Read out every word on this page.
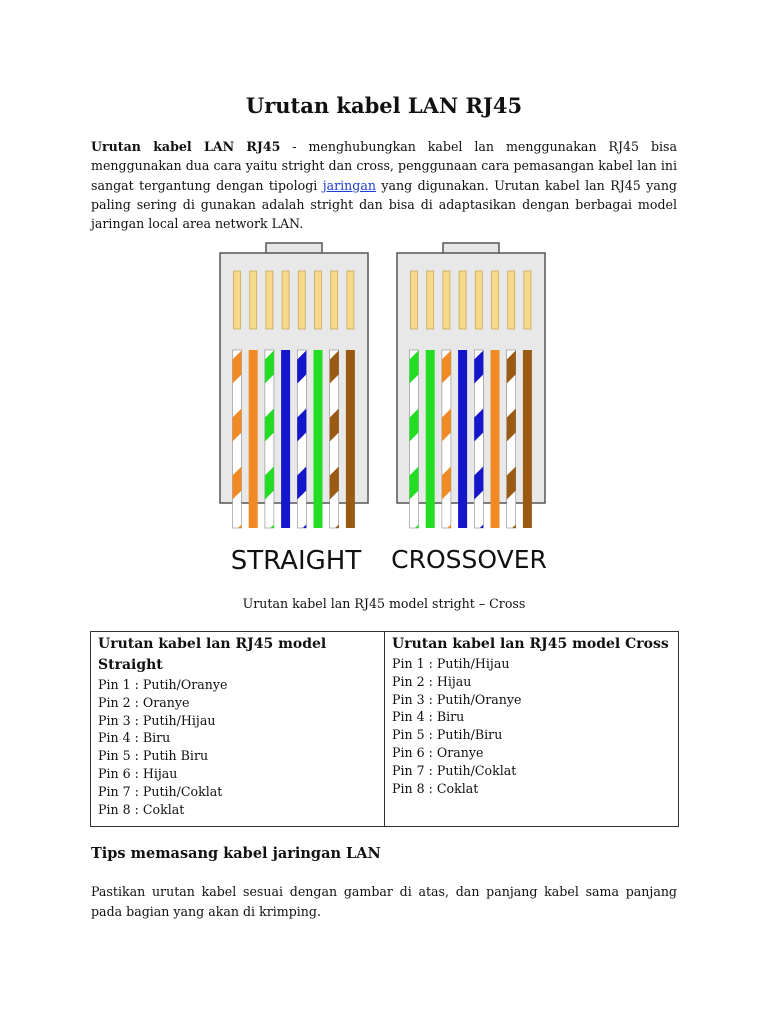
Urutan kabel LAN RJ45

Urutan kabel LAN RJ45 - menghubungkan kabel lan menggunakan RJ45 bisa menggunakan dua cara yaitu stright dan cross, penggunaan cara pemasangan kabel lan ini sangat tergantung dengan tipologi jaringan yang digunakan. Urutan kabel lan RJ45 yang paling sering di gunakan adalah stright dan bisa di adaptasikan dengan berbagai model jaringan local area network LAN.

STRAIGHT CROSSOVER

Urutan kabel lan RJ45 model stright – Cross

Urutan kabel lan RJ45 model Straight
Pin 1 : Putih/Oranye
Pin 2 : Oranye
Pin 3 : Putih/Hijau
Pin 4 : Biru
Pin 5 : Putih Biru
Pin 6 : Hijau
Pin 7 : Putih/Coklat
Pin 8 : Coklat

Urutan kabel lan RJ45 model Cross
Pin 1 : Putih/Hijau
Pin 2 : Hijau
Pin 3 : Putih/Oranye
Pin 4 : Biru
Pin 5 : Putih/Biru
Pin 6 : Oranye
Pin 7 : Putih/Coklat
Pin 8 : Coklat
Tips memasang kabel jaringan LAN

Pastikan urutan kabel sesuai dengan gambar di atas, dan panjang kabel sama panjang pada bagian yang akan di krimping.
